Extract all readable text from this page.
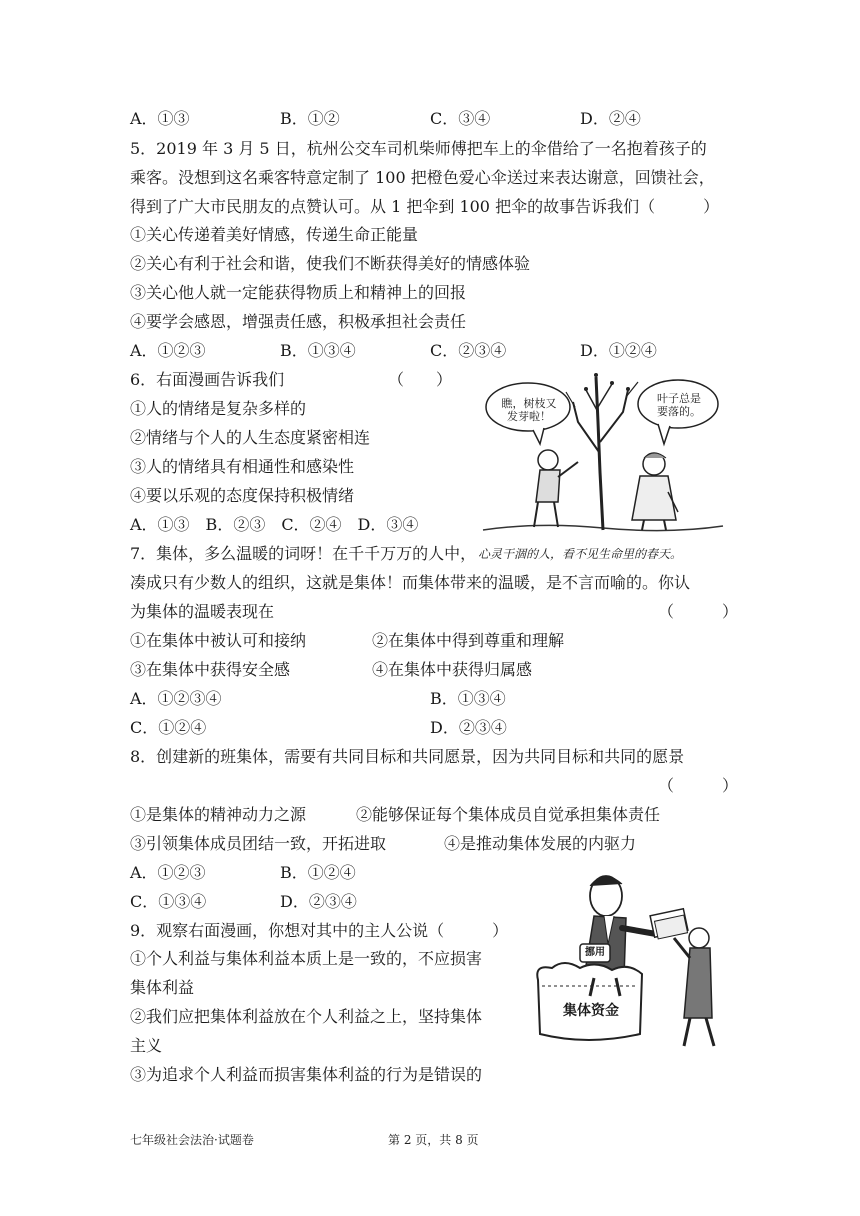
A．①③	B．①②	C．③④	D．②④
5．2019 年 3 月 5 日，杭州公交车司机柴师傅把车上的伞借给了一名抱着孩子的
乘客。没想到这名乘客特意定制了 100 把橙色爱心伞送过来表达谢意，回馈社会，
得到了广大市民朋友的点赞认可。从 1 把伞到 100 把伞的故事告诉我们（　　　）
①关心传递着美好情感，传递生命正能量
②关心有利于社会和谐，使我们不断获得美好的情感体验
③关心他人就一定能获得物质上和精神上的回报
④要学会感恩，增强责任感，积极承担社会责任
A．①②③	B．①③④	C．②③④	D．①②④
6．右面漫画告诉我们	（　　）
①人的情绪是复杂多样的
②情绪与个人的人生态度紧密相连
③人的情绪具有相通性和感染性
④要以乐观的态度保持积极情绪
A．①③　B．②③　C．②④　D．③④
瞧，树枝又
发芽啦！
叶子总是
要落的。
7．集体，多么温暖的词呀！在千千万万的人中， 心灵干涸的人，看不见生命里的春天。
凑成只有少数人的组织，这就是集体！而集体带来的温暖，是不言而喻的。你认
为集体的温暖表现在	（　　　）
①在集体中被认可和接纳	②在集体中得到尊重和理解
③在集体中获得安全感	④在集体中获得归属感
A．①②③④	B．①③④
C．①②④	D．②③④
8．创建新的班集体，需要有共同目标和共同愿景，因为共同目标和共同的愿景
（　　　）
①是集体的精神动力之源	②能够保证每个集体成员自觉承担集体责任
③引领集体成员团结一致，开拓进取	④是推动集体发展的内驱力
A．①②③	B．①②④
C．①③④	D．②③④
9．观察右面漫画，你想对其中的主人公说（　　　）
①个人利益与集体利益本质上是一致的，不应损害
集体利益
②我们应把集体利益放在个人利益之上，坚持集体
主义
③为追求个人利益而损害集体利益的行为是错误的
挪用
集体资金
七年级社会法治·试题卷	第 2 页，共 8 页
